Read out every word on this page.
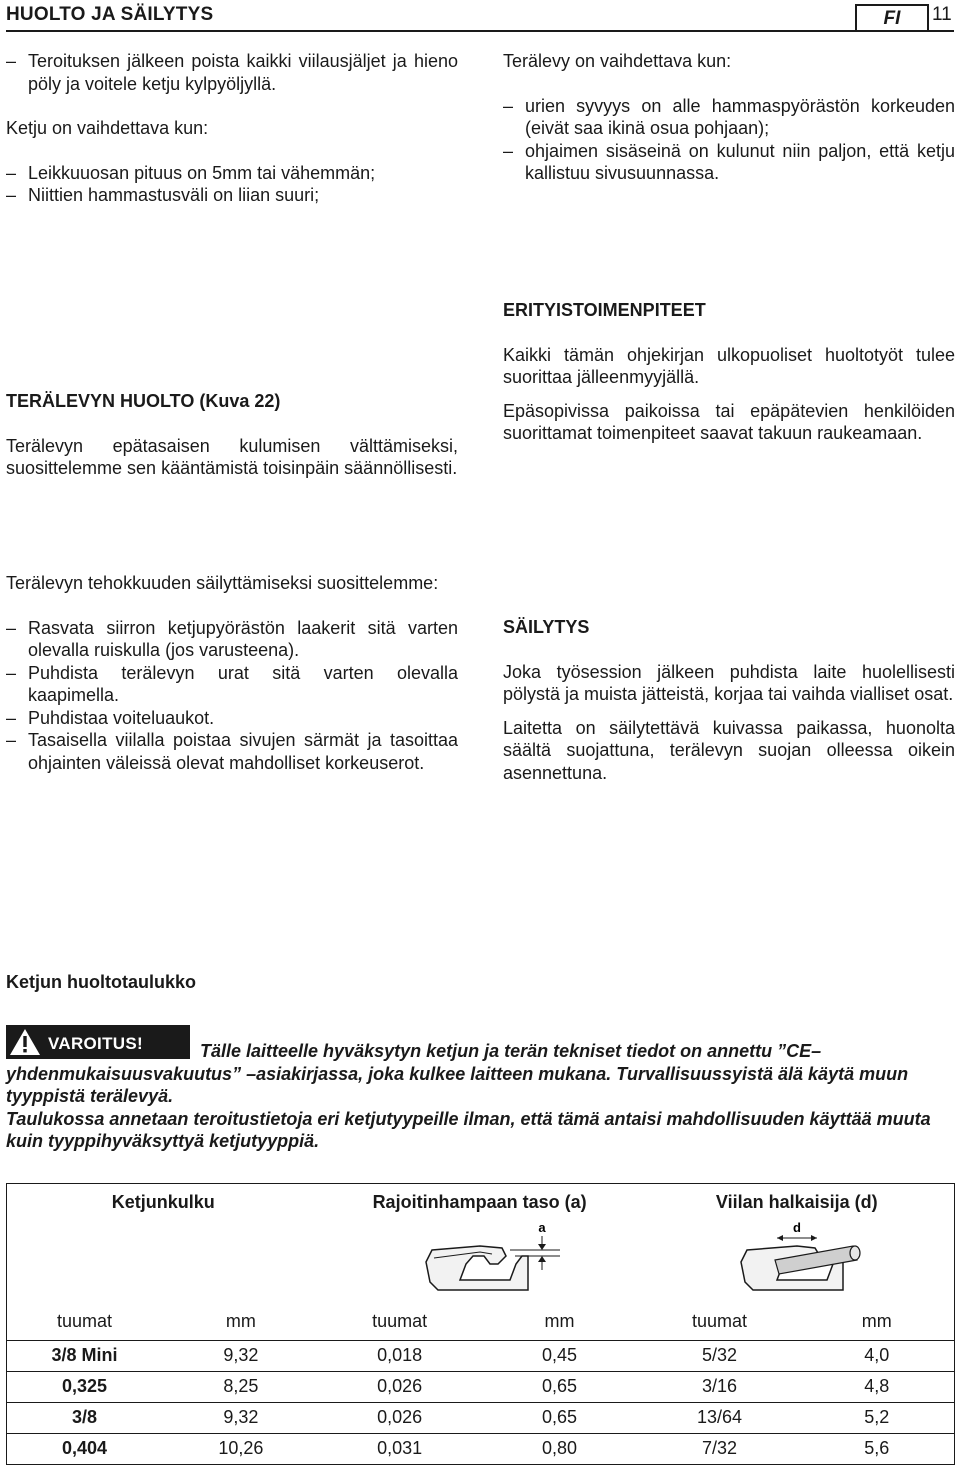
HUOLTO JA SÄILYTYS	FI	11
– Teroituksen jälkeen poista kaikki viilausjäljet ja hieno pöly ja voitele ketju kylpyöljyllä.

Ketju on vaihdettava kun:

– Leikkuuosan pituus on 5mm tai vähemmän;
– Niittien hammastusväli on liian suuri;

Terälevy on vaihdettava kun:

– urien syvyys on alle hammaspyörästön korkeuden (eivät saa ikinä osua pohjaan);
– ohjaimen sisäseinä on kulunut niin paljon, että ketju kallistuu sivusuunnassa.

ERITYISTOIMENPITEET

Kaikki tämän ohjekirjan ulkopuoliset huoltotyöt tulee suorittaa jälleenmyyjällä.

Epäsopivissa paikoissa tai epäpätevien henkilöiden suorittamat toimenpiteet saavat takuun raukeamaan.

TERÄLEVYN HUOLTO (Kuva 22)

Terälevyn epätasaisen kulumisen välttämiseksi, suosittelemme sen kääntämistä toisinpäin säännöllisesti.

Terälevyn tehokkuuden säilyttämiseksi suosittelemme:

– Rasvata siirron ketjupyörästön laakerit sitä varten olevalla ruiskulla (jos varusteena).
– Puhdista terälevyn urat sitä varten olevalla kaapimella.
– Puhdistaa voiteluaukot.
– Tasaisella viilalla poistaa sivujen särmät ja tasoittaa ohjainten väleissä olevat mahdolliset korkeuserot.

SÄILYTYS

Joka työsession jälkeen puhdista laite huolellisesti pölystä ja muista jätteistä, korjaa tai vaihda vialliset osat.

Laitetta on säilytettävä kuivassa paikassa, huonolta säältä suojattuna, terälevyn suojan olleessa oikein asennettuna.

Ketjun huoltotaulukko
VAROITUS!	Tälle laitteelle hyväksytyn ketjun ja terän tekniset tiedot on annettu ”CE–yhdenmukaisuusvakuutus” –asiakirjassa, joka kulkee laitteen mukana. Turvallisuussyistä älä käytä muun tyyppistä terälevyä.

Taulukossa annetaan teroitustietoja eri ketjutyypeille ilman, että tämä antaisi mahdollisuuden käyttää muuta kuin tyyppihyväksyttyä ketjutyyppiä.

Ketjunkulku		Rajoitinhampaan taso (a)		Viilan halkaisija (d)	

a		d	

tuumat	mm	tuumat	mm	tuumat	mm
3/8 Mini	9,32	0,018	0,45	5/32	4,0
0,325	8,25	0,026	0,65	3/16	4,8
3/8	9,32	0,026	0,65	13/64	5,2
0,404	10,26	0,031	0,80	7/32	5,6
